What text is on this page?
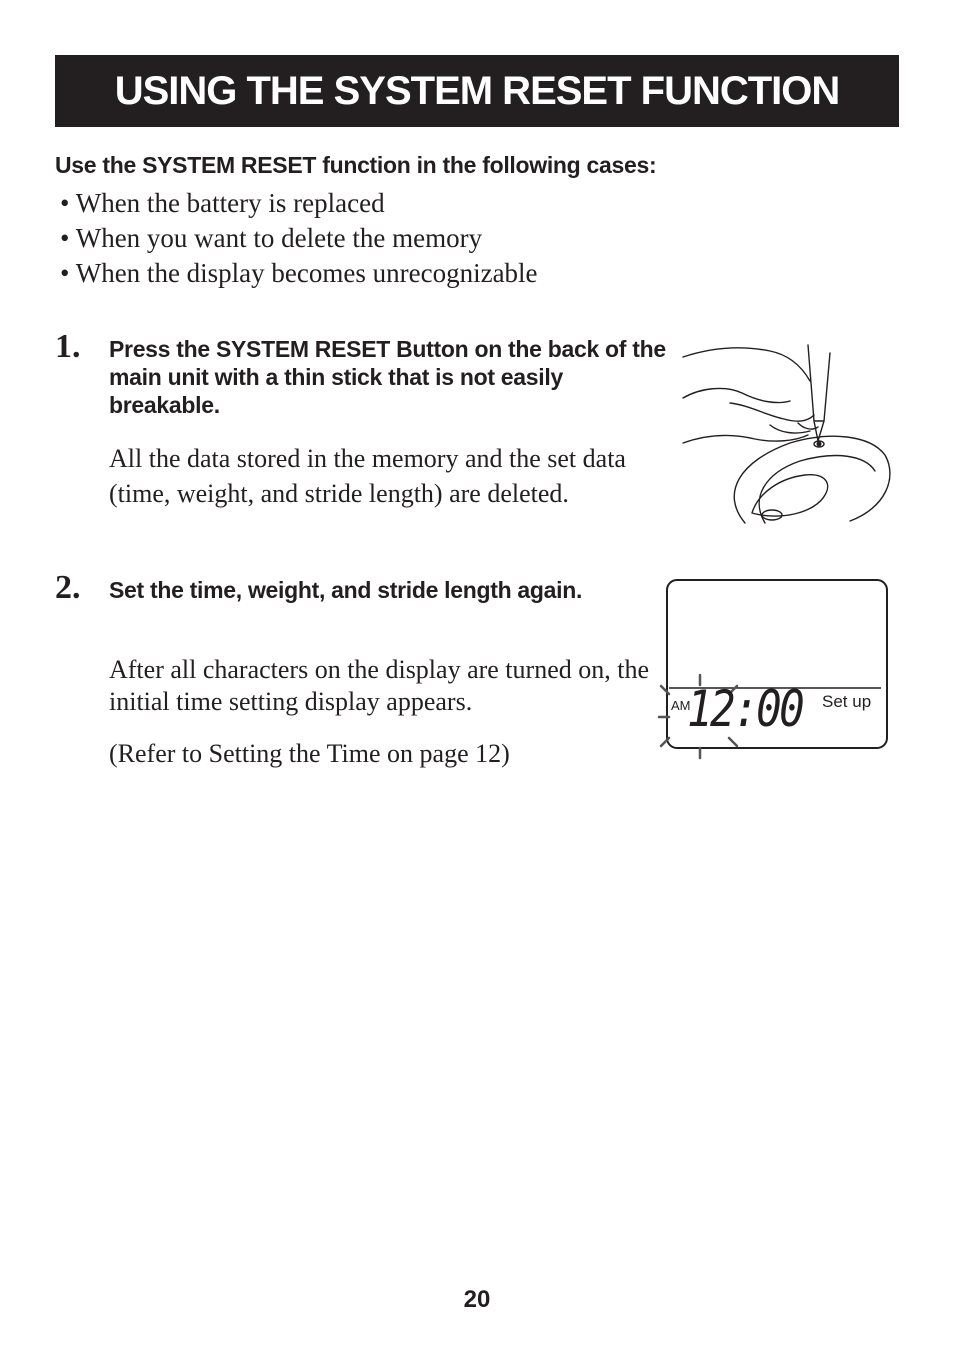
USING THE SYSTEM RESET FUNCTION

Use the SYSTEM RESET function in the following cases:

• When the battery is replaced
• When you want to delete the memory
• When the display becomes unrecognizable
1. Press the SYSTEM RESET Button on the back of the main unit with a thin stick that is not easily breakable.

All the data stored in the memory and the set data (time, weight, and stride length) are deleted.

2. Set the time, weight, and stride length again.

After all characters on the display are turned on, the initial time setting display appears.

(Refer to Setting the Time on page 12)

AM
12:00 Set up
20
